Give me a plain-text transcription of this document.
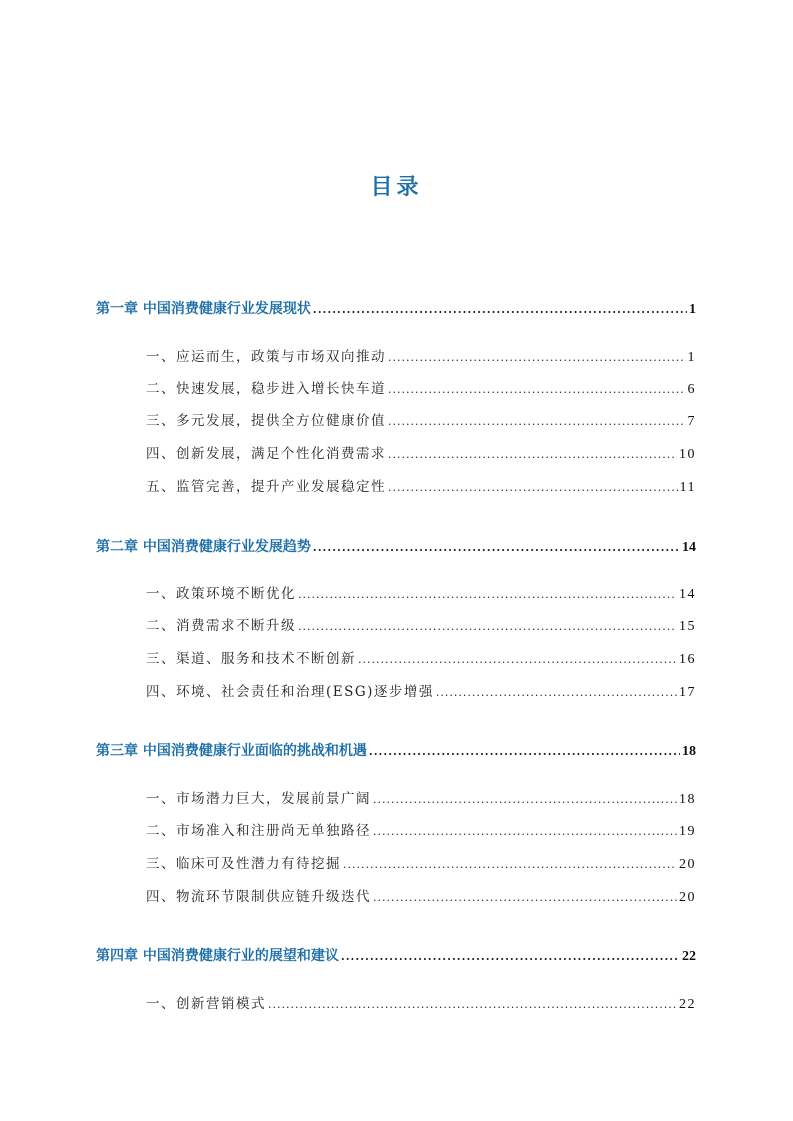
目录
第一章 中国消费健康行业发展现状 .....	1
一、应运而生，政策与市场双向推动 .....	1
二、快速发展，稳步进入增长快车道 .....	6
三、多元发展，提供全方位健康价值 .....	7
四、创新发展，满足个性化消费需求 .....	10
五、监管完善，提升产业发展稳定性 .....	11
第二章 中国消费健康行业发展趋势 .....	14
一、政策环境不断优化 .....	14
二、消费需求不断升级 .....	15
三、渠道、服务和技术不断创新 .....	16
四、环境、社会责任和治理(ESG)逐步增强 .....	17
第三章 中国消费健康行业面临的挑战和机遇 .....	18
一、市场潜力巨大，发展前景广阔 .....	18
二、市场准入和注册尚无单独路径 .....	19
三、临床可及性潜力有待挖掘 .....	20
四、物流环节限制供应链升级迭代 .....	20
第四章 中国消费健康行业的展望和建议 .....	22
一、创新营销模式 .....	22
